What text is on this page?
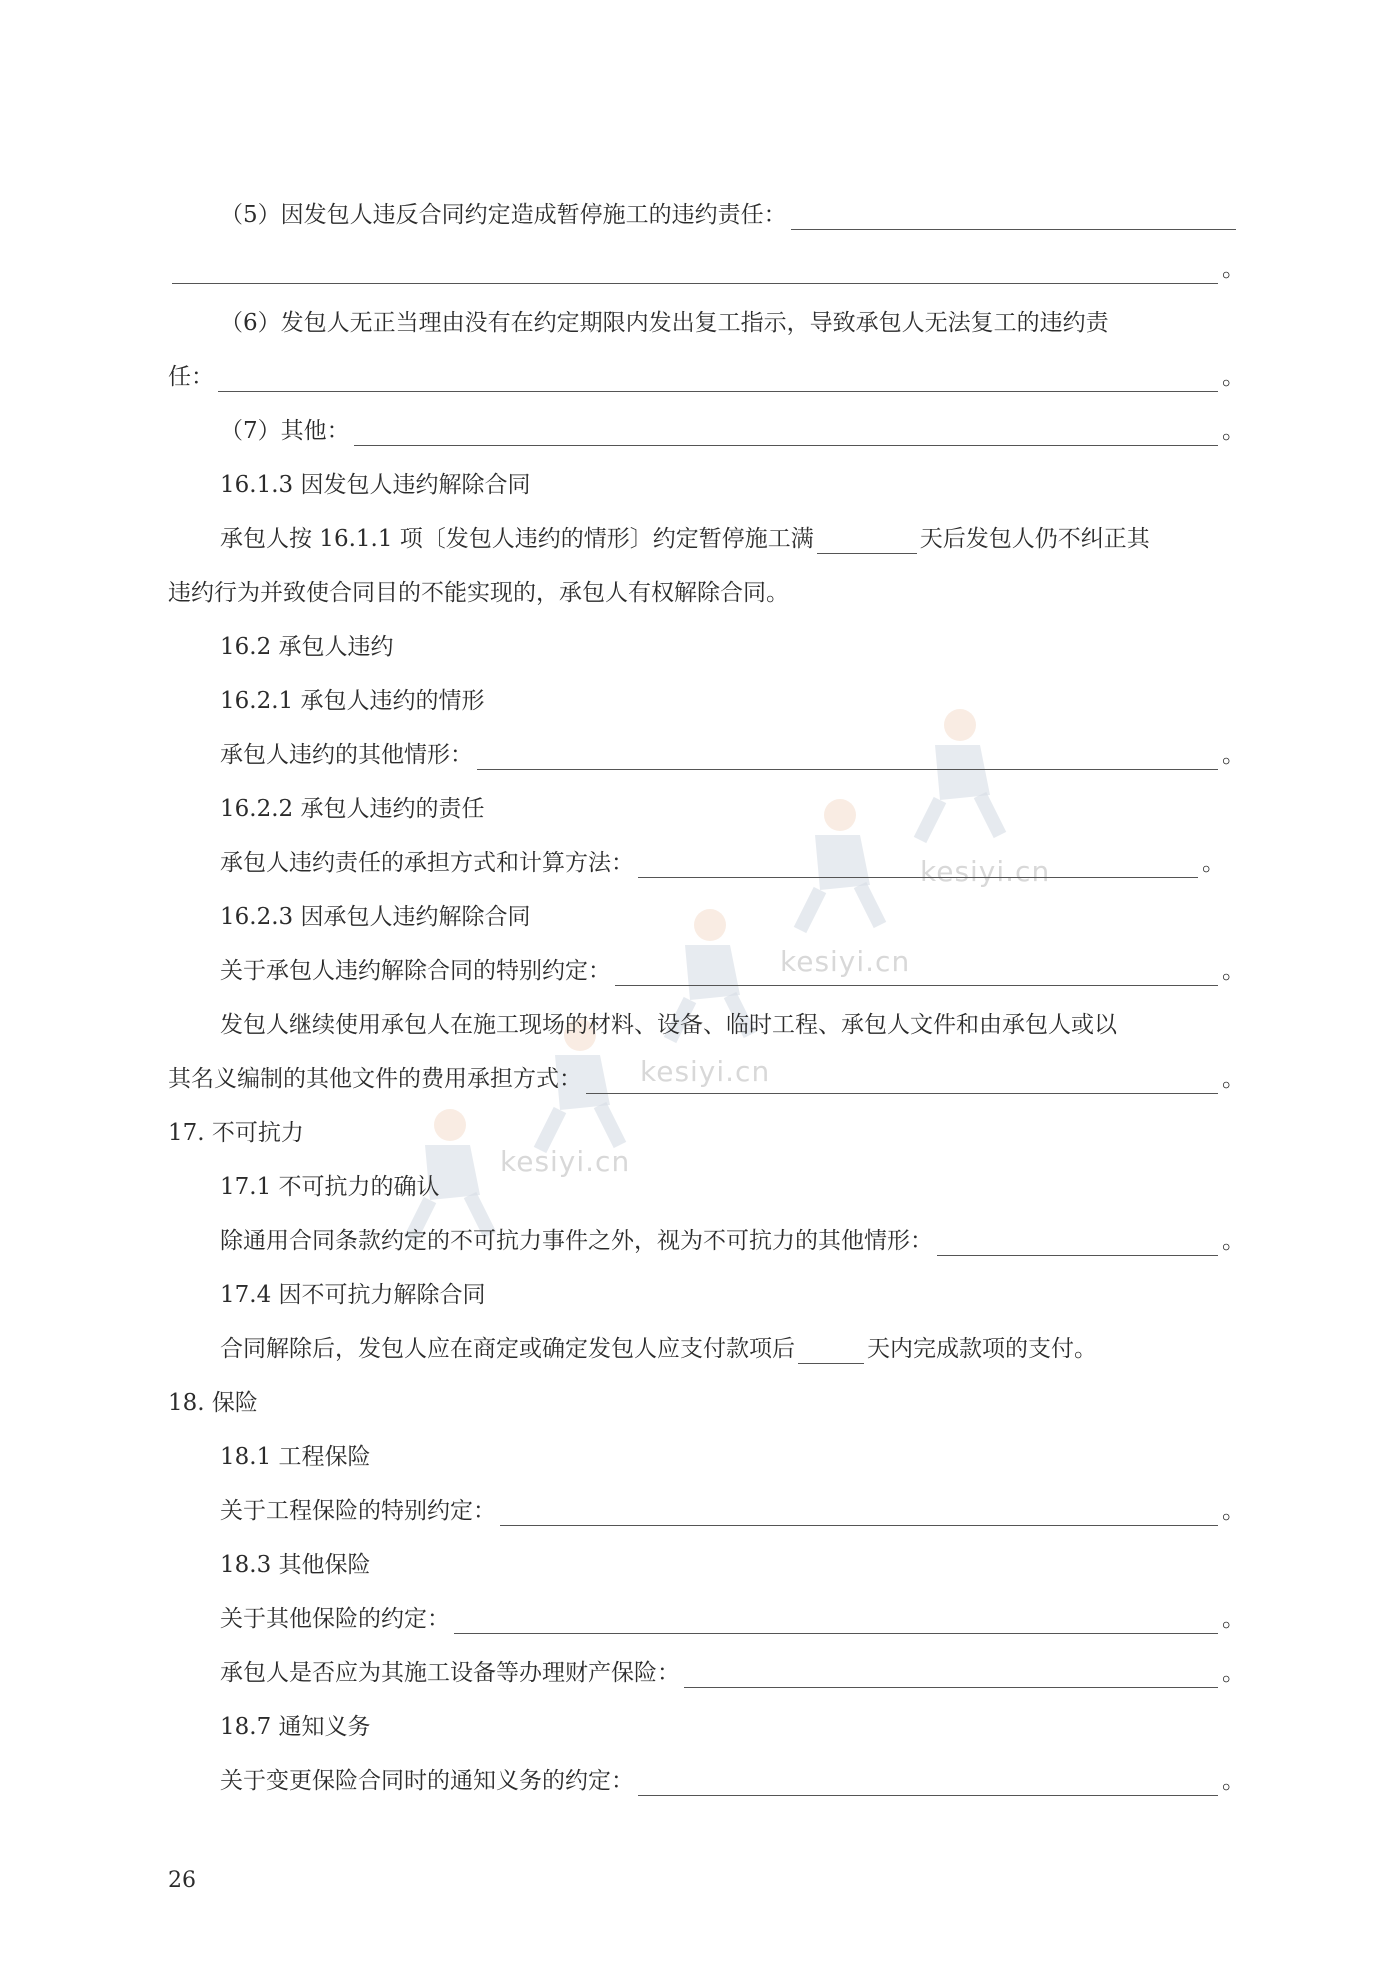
kesiyi.cn
kesiyi.cn
kesiyi.cn
kesiyi.cn
（5）因发包人违反合同约定造成暂停施工的违约责任：
。
（6）发包人无正当理由没有在约定期限内发出复工指示，导致承包人无法复工的违约责
任：	。
（7）其他：	。
16.1.3 因发包人违约解除合同
承包人按 16.1.1 项〔发包人违约的情形〕约定暂停施工满	天后发包人仍不纠正其
违约行为并致使合同目的不能实现的，承包人有权解除合同。
16.2 承包人违约
16.2.1 承包人违约的情形
承包人违约的其他情形：	。
16.2.2 承包人违约的责任
承包人违约责任的承担方式和计算方法：	。
16.2.3 因承包人违约解除合同
关于承包人违约解除合同的特别约定：	。
发包人继续使用承包人在施工现场的材料、设备、临时工程、承包人文件和由承包人或以
其名义编制的其他文件的费用承担方式：	。
17. 不可抗力
17.1 不可抗力的确认
除通用合同条款约定的不可抗力事件之外，视为不可抗力的其他情形：	。
17.4 因不可抗力解除合同
合同解除后，发包人应在商定或确定发包人应支付款项后	天内完成款项的支付。
18. 保险
18.1 工程保险
关于工程保险的特别约定：	。
18.3 其他保险
关于其他保险的约定：	。
承包人是否应为其施工设备等办理财产保险：	。
18.7 通知义务
关于变更保险合同时的通知义务的约定：	。
26
